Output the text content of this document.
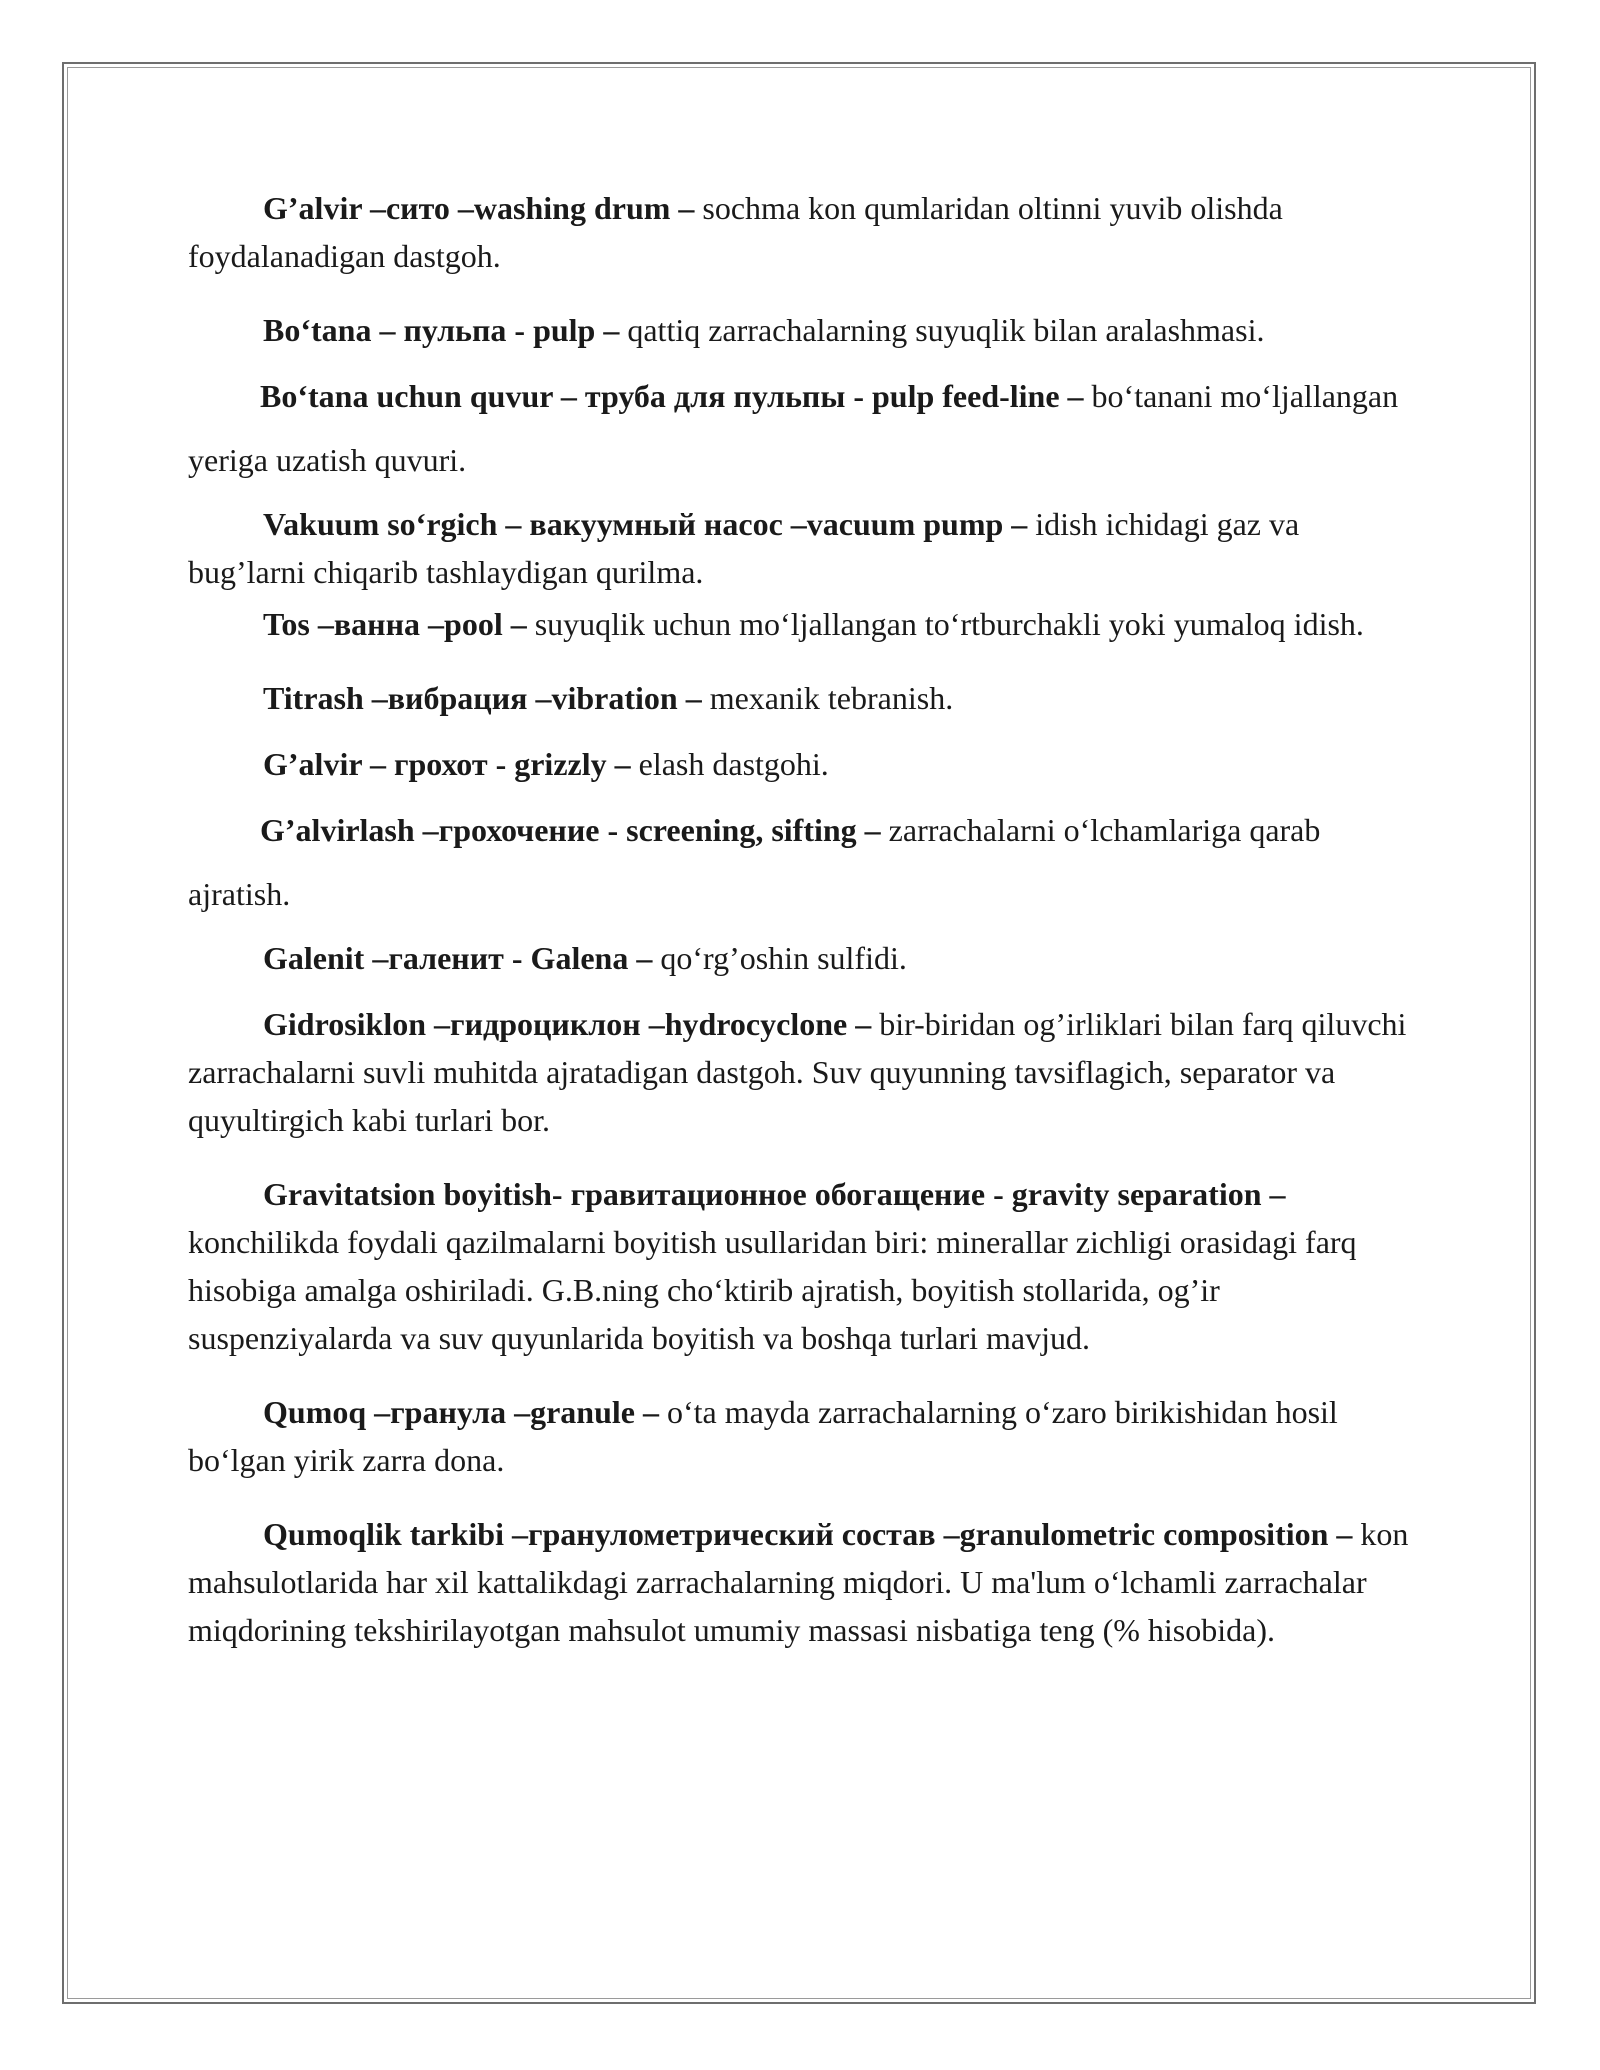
G’alvir –сито –washing drum – sochma kon qumlaridan oltinni yuvib olishda foydalanadigan dastgoh.

Bo‘tana – пульпа - pulp – qattiq zarrachalarning suyuqlik bilan aralashmasi.

Bo‘tana uchun quvur – труба для пульпы - pulp feed-line – bo‘tanani mo‘ljallangan yeriga uzatish quvuri.

Vakuum so‘rgich – вакуумный насос –vacuum pump – idish ichidagi gaz va bug’larni chiqarib tashlaydigan qurilma.

Tos –ванна –pool – suyuqlik uchun mo‘ljallangan to‘rtburchakli yoki yumaloq idish.

Titrash –вибрация –vibration – mexanik tebranish.

G’alvir – грохот - grizzly – elash dastgohi.

G’alvirlash –грохочение - screening, sifting – zarrachalarni o‘lchamlariga qarab ajratish.

Galenit –галенит - Galena – qo‘rg’oshin sulfidi.

Gidrosiklon –гидроциклон –hydrocyclone – bir-biridan og’irliklari bilan farq qiluvchi zarrachalarni suvli muhitda ajratadigan dastgoh. Suv quyunning tavsiflagich, separator va quyultirgich kabi turlari bor.

Gravitatsion boyitish- гравитационное обогащение - gravity separation – konchilikda foydali qazilmalarni boyitish usullaridan biri: minerallar zichligi orasidagi farq hisobiga amalga oshiriladi. G.B.ning cho‘ktirib ajratish, boyitish stollarida, og’ir suspenziyalarda va suv quyunlarida boyitish va boshqa turlari mavjud.

Qumoq –гранула –granule – o‘ta mayda zarrachalarning o‘zaro birikishidan hosil bo‘lgan yirik zarra dona.

Qumoqlik tarkibi –гранулометрический состав –granulometric composition – kon mahsulotlarida har xil kattalikdagi zarrachalarning miqdori. U ma'lum o‘lchamli zarrachalar miqdorining tekshirilayotgan mahsulot umumiy massasi nisbatiga teng (% hisobida).
